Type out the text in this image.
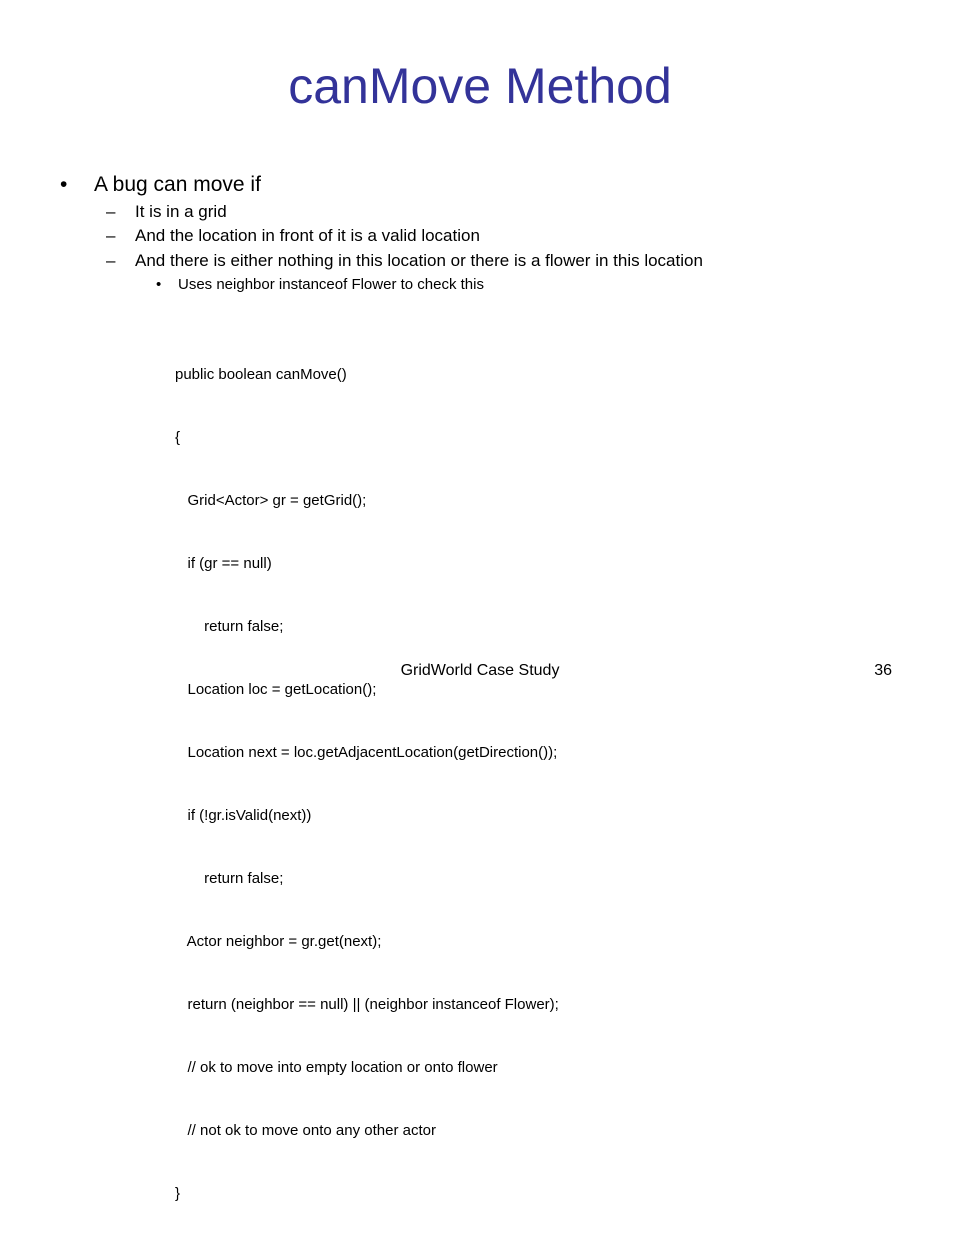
canMove Method
• A bug can move if
– It is in a grid
– And the location in front of it is a valid location
– And there is either nothing in this location or there is a flower in this location
• Uses neighbor instanceof Flower to check this

public boolean canMove()

{

Grid<Actor> gr = getGrid();

if (gr == null)

return false;

Location loc = getLocation();

Location next = loc.getAdjacentLocation(getDirection());

if (!gr.isValid(next))

return false;

Actor neighbor = gr.get(next);

return (neighbor == null) || (neighbor instanceof Flower);

// ok to move into empty location or onto flower

// not ok to move onto any other actor

}

GridWorld Case Study	36
